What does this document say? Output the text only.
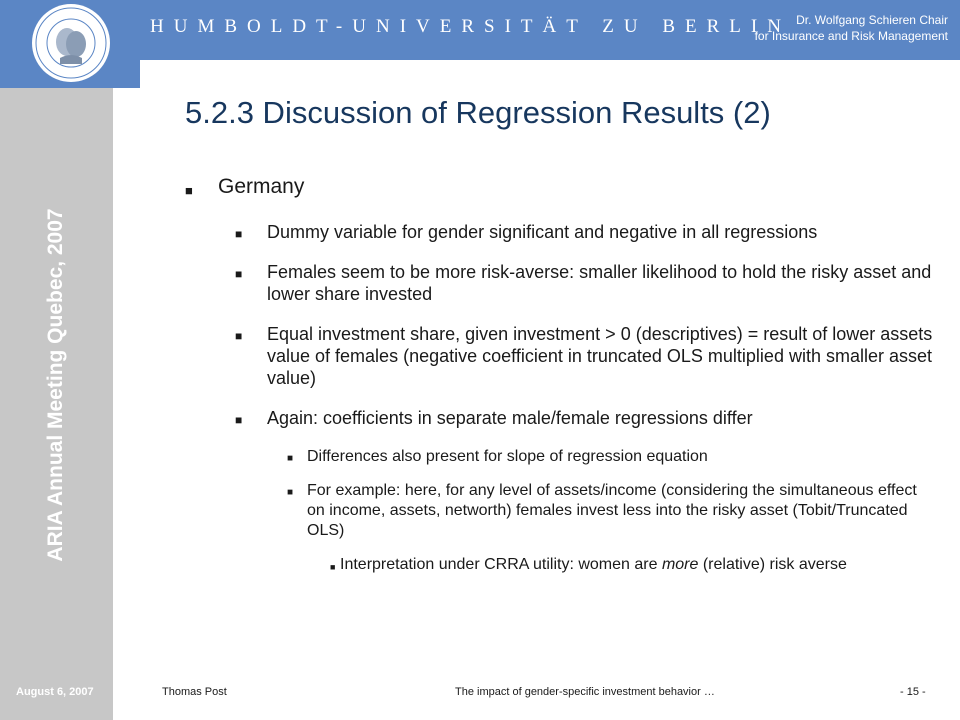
HUMBOLDT-UNIVERSITÄT ZU BERLIN Dr. Wolfgang Schieren Chair
for Insurance and Risk Management
ARIA Annual Meeting Quebec, 2007
5.2.3 Discussion of Regression Results (2)
■ Germany
■ Dummy variable for gender significant and negative in all regressions
■ Females seem to be more risk-averse: smaller likelihood to hold the risky asset and lower share invested
■ Equal investment share, given investment > 0 (descriptives) = result of lower assets value of females (negative coefficient in truncated OLS multiplied with smaller asset value)
■ Again: coefficients in separate male/female regressions differ
■ Differences also present for slope of regression equation
■ For example: here, for any level of assets/income (considering the simultaneous effect on income, assets, networth) females invest less into the risky asset (Tobit/Truncated OLS)
■ Interpretation under CRRA utility: women are more (relative) risk averse
August 6, 2007	Thomas Post	The impact of gender-specific investment behavior …	- 15 -
